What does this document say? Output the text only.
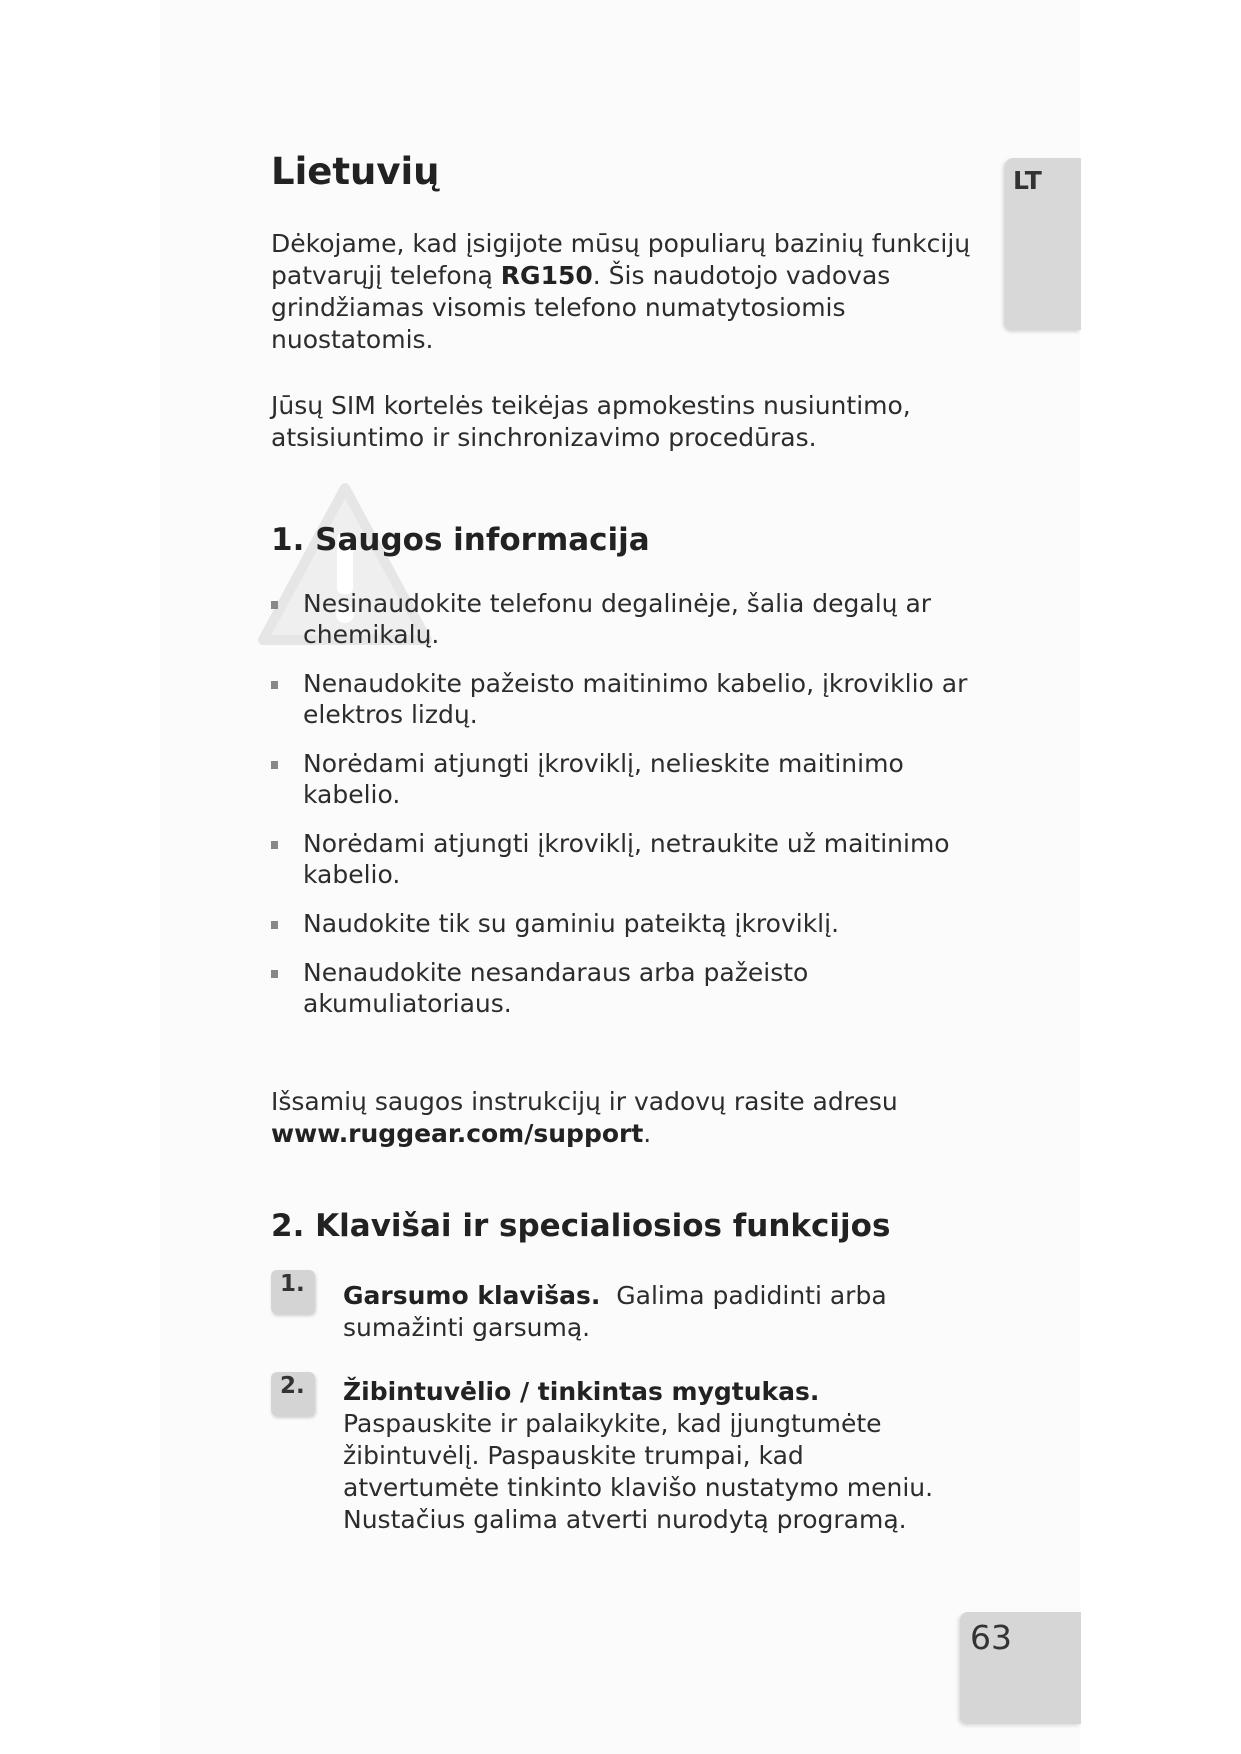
LT
Lietuvių

Dėkojame, kad įsigijote mūsų populiarų bazinių funkcijų patvarųjį telefoną RG150. Šis naudotojo vadovas grindžiamas visomis telefono numatytosiomis nuostatomis.

Jūsų SIM kortelės teikėjas apmokestins nusiuntimo, atsisiuntimo ir sinchronizavimo procedūras.

1. Saugos informacija
Nesinaudokite telefonu degalinėje, šalia degalų ar chemikalų.
Nenaudokite pažeisto maitinimo kabelio, įkroviklio ar elektros lizdų.
Norėdami atjungti įkroviklį, nelieskite maitinimo kabelio.
Norėdami atjungti įkroviklį, netraukite už maitinimo kabelio.
Naudokite tik su gaminiu pateiktą įkroviklį.
Nenaudokite nesandaraus arba pažeisto akumuliatoriaus.

Išsamių saugos instrukcijų ir vadovų rasite adresu www.ruggear.com/support.

2. Klavišai ir specialiosios funkcijos
1. Garsumo klavišas. Galima padidinti arba sumažinti garsumą.

2. Žibintuvėlio / tinkintas mygtukas. Paspauskite ir palaikykite, kad įjungtumėte žibintuvėlį. Paspauskite trumpai, kad atvertumėte tinkinto klavišo nustatymo meniu. Nustačius galima atverti nurodytą programą.

63
